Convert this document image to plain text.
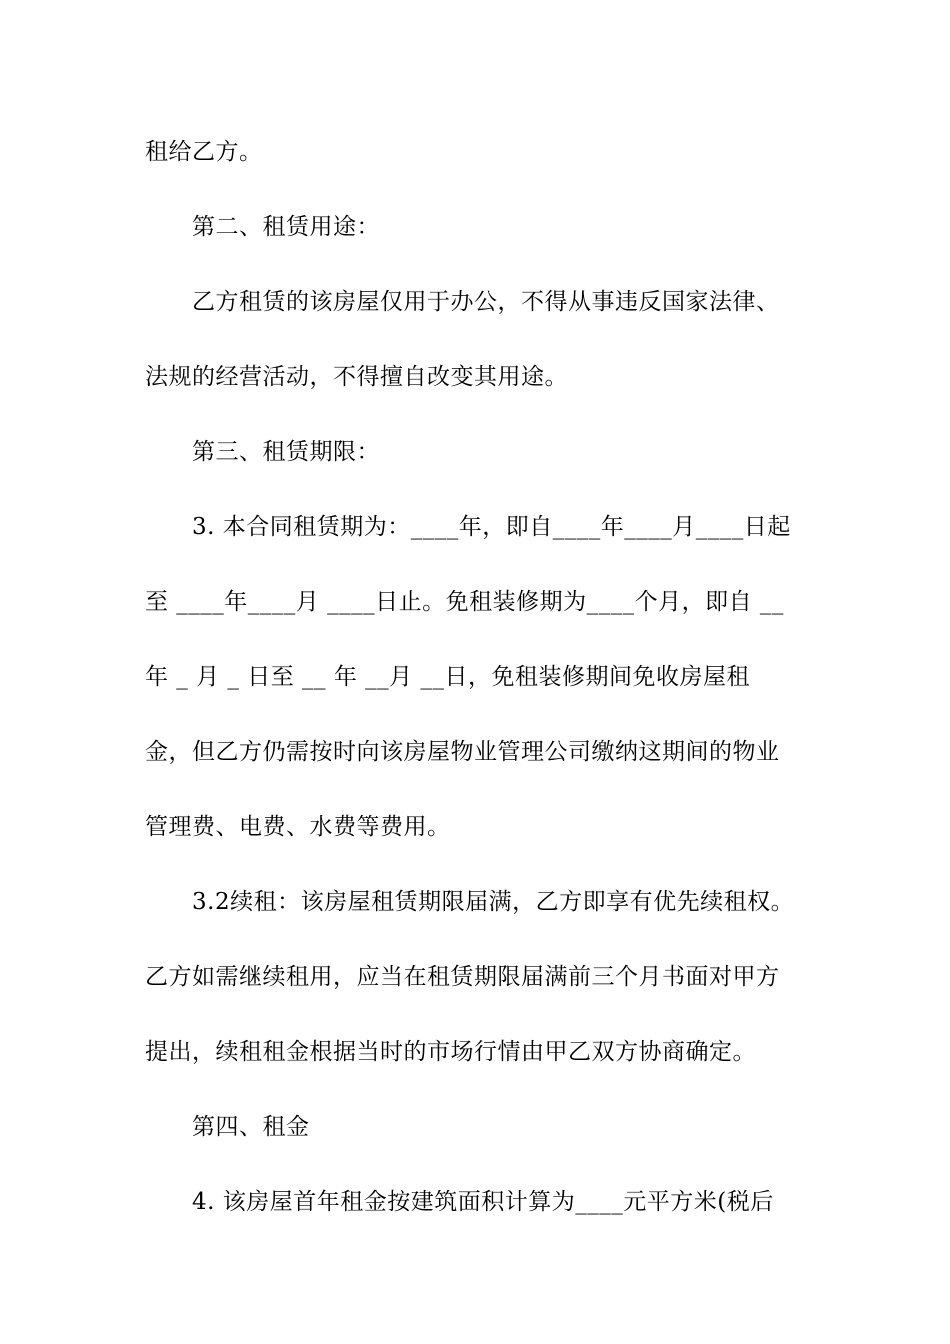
租给乙方。
第二、租赁用途：
乙方租赁的该房屋仅用于办公，不得从事违反国家法律、
法规的经营活动，不得擅自改变其用途。
第三、租赁期限：
3. 本合同租赁期为：____年，即自____年____月____日起
至 ____年____月 ____日止。免租装修期为____个月，即自 __
年 _ 月 _ 日至 __ 年 __月 __日，免租装修期间免收房屋租
金，但乙方仍需按时向该房屋物业管理公司缴纳这期间的物业
管理费、电费、水费等费用。
3.2续租：该房屋租赁期限届满，乙方即享有优先续租权。
乙方如需继续租用，应当在租赁期限届满前三个月书面对甲方
提出，续租租金根据当时的市场行情由甲乙双方协商确定。
第四、租金
4. 该房屋首年租金按建筑面积计算为____元平方米(税后
